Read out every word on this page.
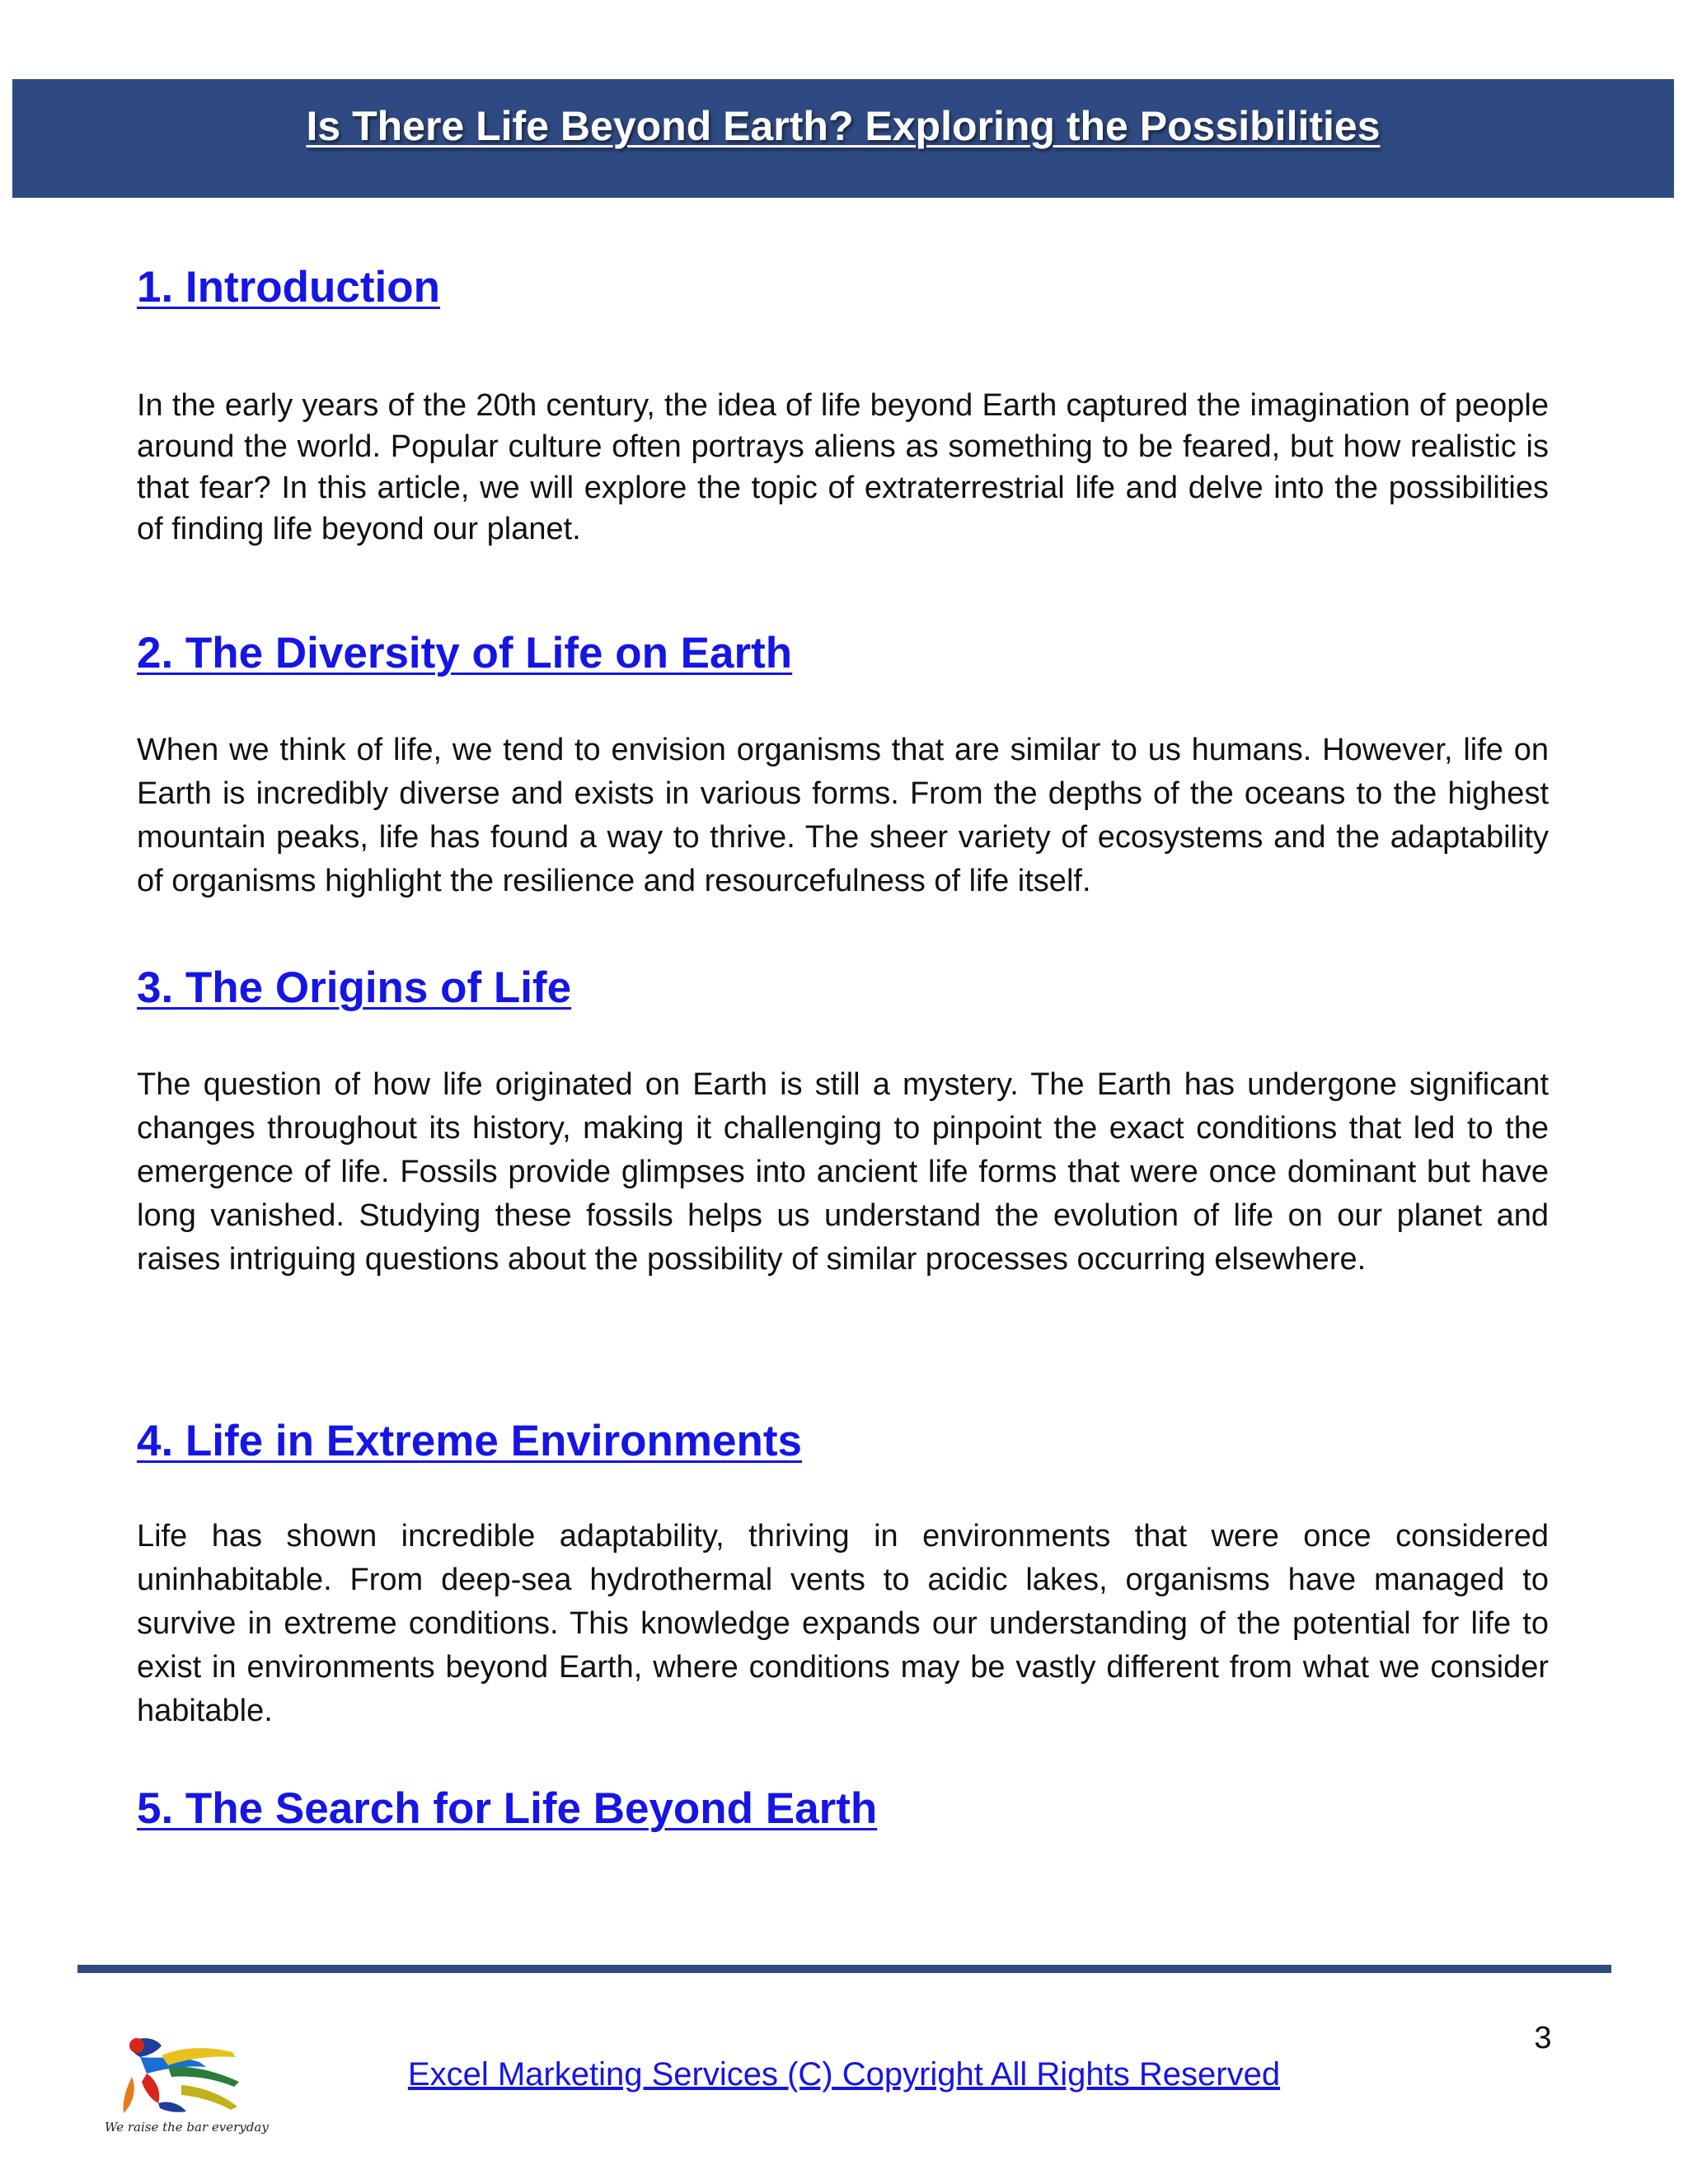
Is There Life Beyond Earth? Exploring the Possibilities
1. Introduction

In the early years of the 20th century, the idea of life beyond Earth captured the imagination of people around the world. Popular culture often portrays aliens as something to be feared, but how realistic is that fear? In this article, we will explore the topic of extraterrestrial life and delve into the possibilities of finding life beyond our planet.

2. The Diversity of Life on Earth

When we think of life, we tend to envision organisms that are similar to us humans. However, life on Earth is incredibly diverse and exists in various forms. From the depths of the oceans to the highest mountain peaks, life has found a way to thrive. The sheer variety of ecosystems and the adaptability of organisms highlight the resilience and resourcefulness of life itself.

3. The Origins of Life

The question of how life originated on Earth is still a mystery. The Earth has undergone significant changes throughout its history, making it challenging to pinpoint the exact conditions that led to the emergence of life. Fossils provide glimpses into ancient life forms that were once dominant but have long vanished. Studying these fossils helps us understand the evolution of life on our planet and raises intriguing questions about the possibility of similar processes occurring elsewhere.

4. Life in Extreme Environments

Life has shown incredible adaptability, thriving in environments that were once considered uninhabitable. From deep-sea hydrothermal vents to acidic lakes, organisms have managed to survive in extreme conditions. This knowledge expands our understanding of the potential for life to exist in environments beyond Earth, where conditions may be vastly different from what we consider habitable.

5. The Search for Life Beyond Earth
3
Excel Marketing Services (C) Copyright All Rights Reserved
We raise the bar everyday
